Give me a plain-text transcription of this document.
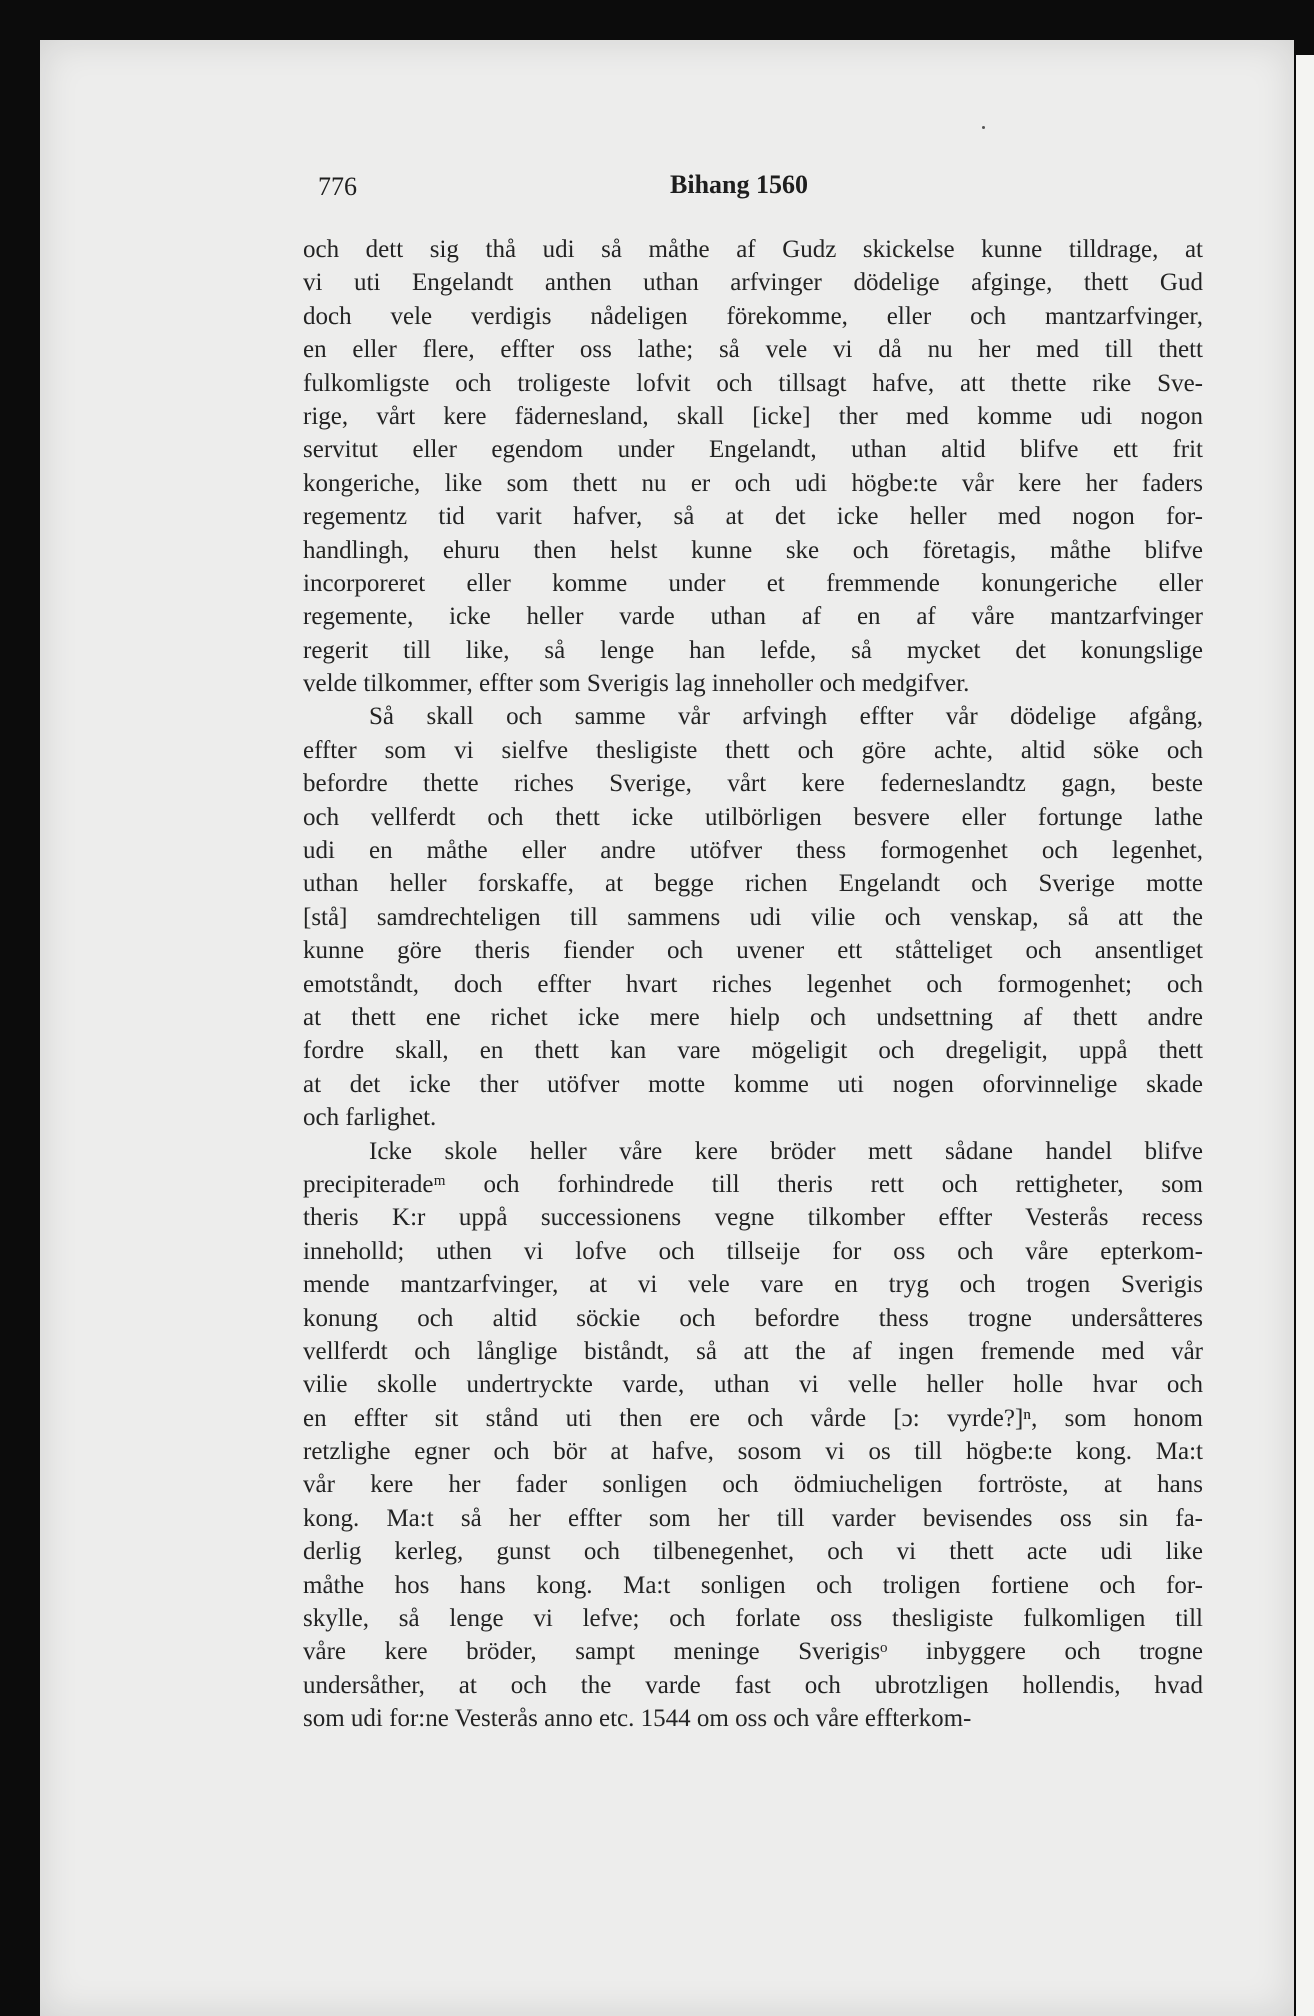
776	Bihang 1560
och dett sig thå udi så måthe af Gudz skickelse kunne tilldrage, at
vi uti Engelandt anthen uthan arfvinger dödelige afginge, thett Gud
doch vele verdigis nådeligen förekomme, eller och mantzarfvinger,
en eller flere, effter oss lathe; så vele vi då nu her med till thett
fulkomligste och troligeste lofvit och tillsagt hafve, att thette rike Sve-
rige, vårt kere fädernesland, skall [icke] ther med komme udi nogon
servitut eller egendom under Engelandt, uthan altid blifve ett frit
kongeriche, like som thett nu er och udi högbe:te vår kere her faders
regementz tid varit hafver, så at det icke heller med nogon for-
handlingh, ehuru then helst kunne ske och företagis, måthe blifve
incorporeret eller komme under et fremmende konungeriche eller
regemente, icke heller varde uthan af en af våre mantzarfvinger
regerit till like, så lenge han lefde, så mycket det konungslige
velde tilkommer, effter som Sverigis lag inneholler och medgifver.
Så skall och samme vår arfvingh effter vår dödelige afgång,
effter som vi sielfve thesligiste thett och göre achte, altid söke och
befordre thette riches Sverige, vårt kere federneslandtz gagn, beste
och vellferdt och thett icke utilbörligen besvere eller fortunge lathe
udi en måthe eller andre utöfver thess formogenhet och legenhet,
uthan heller forskaffe, at begge richen Engelandt och Sverige motte
[stå] samdrechteligen till sammens udi vilie och venskap, så att the
kunne göre theris fiender och uvener ett ståtteliget och ansentliget
emotståndt, doch effter hvart riches legenhet och formogenhet; och
at thett ene richet icke mere hielp och undsettning af thett andre
fordre skall, en thett kan vare mögeligit och dregeligit, uppå thett
at det icke ther utöfver motte komme uti nogen oforvinnelige skade
och farlighet.
Icke skole heller våre kere bröder mett sådane handel blifve
precipiteradeᵐ och forhindrede till theris rett och rettigheter, som
theris K:r uppå successionens vegne tilkomber effter Vesterås recess
inneholld; uthen vi lofve och tillseije for oss och våre epterkom-
mende mantzarfvinger, at vi vele vare en tryg och trogen Sverigis
konung och altid söckie och befordre thess trogne undersåtteres
vellferdt och långlige biståndt, så att the af ingen fremende med vår
vilie skolle undertryckte varde, uthan vi velle heller holle hvar och
en effter sit stånd uti then ere och vårde [ɔ: vyrde?]ⁿ, som honom
retzlighe egner och bör at hafve, sosom vi os till högbe:te kong. Ma:t
vår kere her fader sonligen och ödmiucheligen fortröste, at hans
kong. Ma:t så her effter som her till varder bevisendes oss sin fa-
derlig kerleg, gunst och tilbenegenhet, och vi thett acte udi like
måthe hos hans kong. Ma:t sonligen och troligen fortiene och for-
skylle, så lenge vi lefve; och forlate oss thesligiste fulkomligen till
våre kere bröder, sampt meninge Sverigisᵒ inbyggere och trogne
undersåther, at och the varde fast och ubrotzligen hollendis, hvad
som udi for:ne Vesterås anno etc. 1544 om oss och våre effterkom-
